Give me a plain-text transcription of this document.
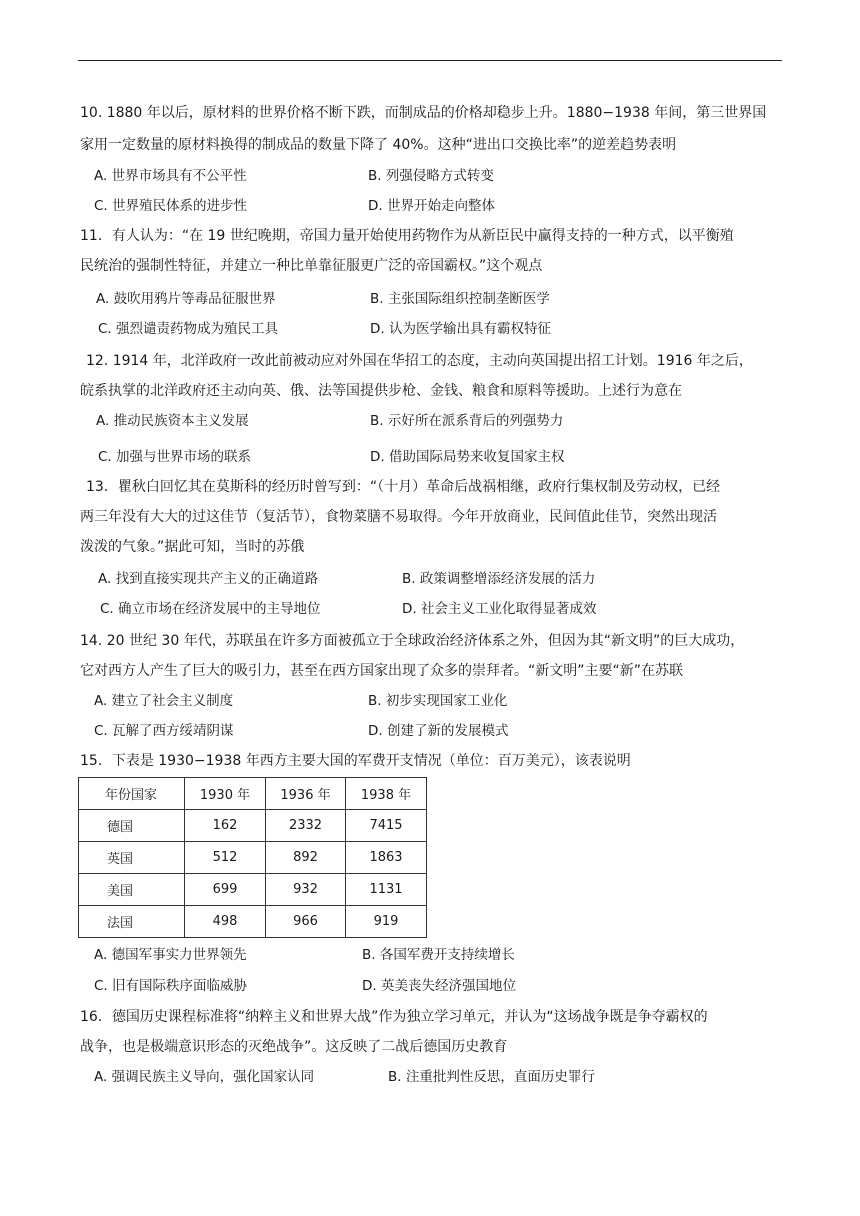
10. 1880 年以后，原材料的世界价格不断下跌，而制成品的价格却稳步上升。1880−1938 年间，第三世界国
家用一定数量的原材料换得的制成品的数量下降了 40%。这种“进出口交换比率”的逆差趋势表明
A. 世界市场具有不公平性	B. 列强侵略方式转变
C. 世界殖民体系的进步性	D. 世界开始走向整体
11．有人认为：“在 19 世纪晚期，帝国力量开始使用药物作为从新臣民中赢得支持的一种方式，以平衡殖
民统治的强制性特征，并建立一种比单靠征服更广泛的帝国霸权。”这个观点
A. 鼓吹用鸦片等毒品征服世界	B. 主张国际组织控制垄断医学
C. 强烈谴责药物成为殖民工具	D. 认为医学输出具有霸权特征
12. 1914 年，北洋政府一改此前被动应对外国在华招工的态度，主动向英国提出招工计划。1916 年之后，
皖系执掌的北洋政府还主动向英、俄、法等国提供步枪、金钱、粮食和原料等援助。上述行为意在
A. 推动民族资本主义发展	B. 示好所在派系背后的列强势力
C. 加强与世界市场的联系	D. 借助国际局势来收复国家主权
13．瞿秋白回忆其在莫斯科的经历时曾写到：“（十月）革命后战祸相继，政府行集权制及劳动权，已经
两三年没有大大的过这佳节（复活节），食物菜膳不易取得。今年开放商业，民间值此佳节，突然出现活
泼泼的气象。”据此可知，当时的苏俄
A. 找到直接实现共产主义的正确道路	B. 政策调整增添经济发展的活力
C. 确立市场在经济发展中的主导地位	D. 社会主义工业化取得显著成效
14. 20 世纪 30 年代，苏联虽在许多方面被孤立于全球政治经济体系之外，但因为其“新文明”的巨大成功，
它对西方人产生了巨大的吸引力，甚至在西方国家出现了众多的崇拜者。“新文明”主要“新”在苏联
A. 建立了社会主义制度	B. 初步实现国家工业化
C. 瓦解了西方绥靖阴谋	D. 创建了新的发展模式
15．下表是 1930−1938 年西方主要大国的军费开支情况（单位：百万美元），该表说明
年份国家	1930 年	1936 年	1938 年
德国	162	2332	7415
英国	512	892	1863
美国	699	932	1131
法国	498	966	919
A. 德国军事实力世界领先	B. 各国军费开支持续增长
C. 旧有国际秩序面临威胁	D. 英美丧失经济强国地位
16．德国历史课程标准将“纳粹主义和世界大战”作为独立学习单元，并认为“这场战争既是争夺霸权的
战争，也是极端意识形态的灭绝战争”。这反映了二战后德国历史教育
A. 强调民族主义导向，强化国家认同	B. 注重批判性反思，直面历史罪行
